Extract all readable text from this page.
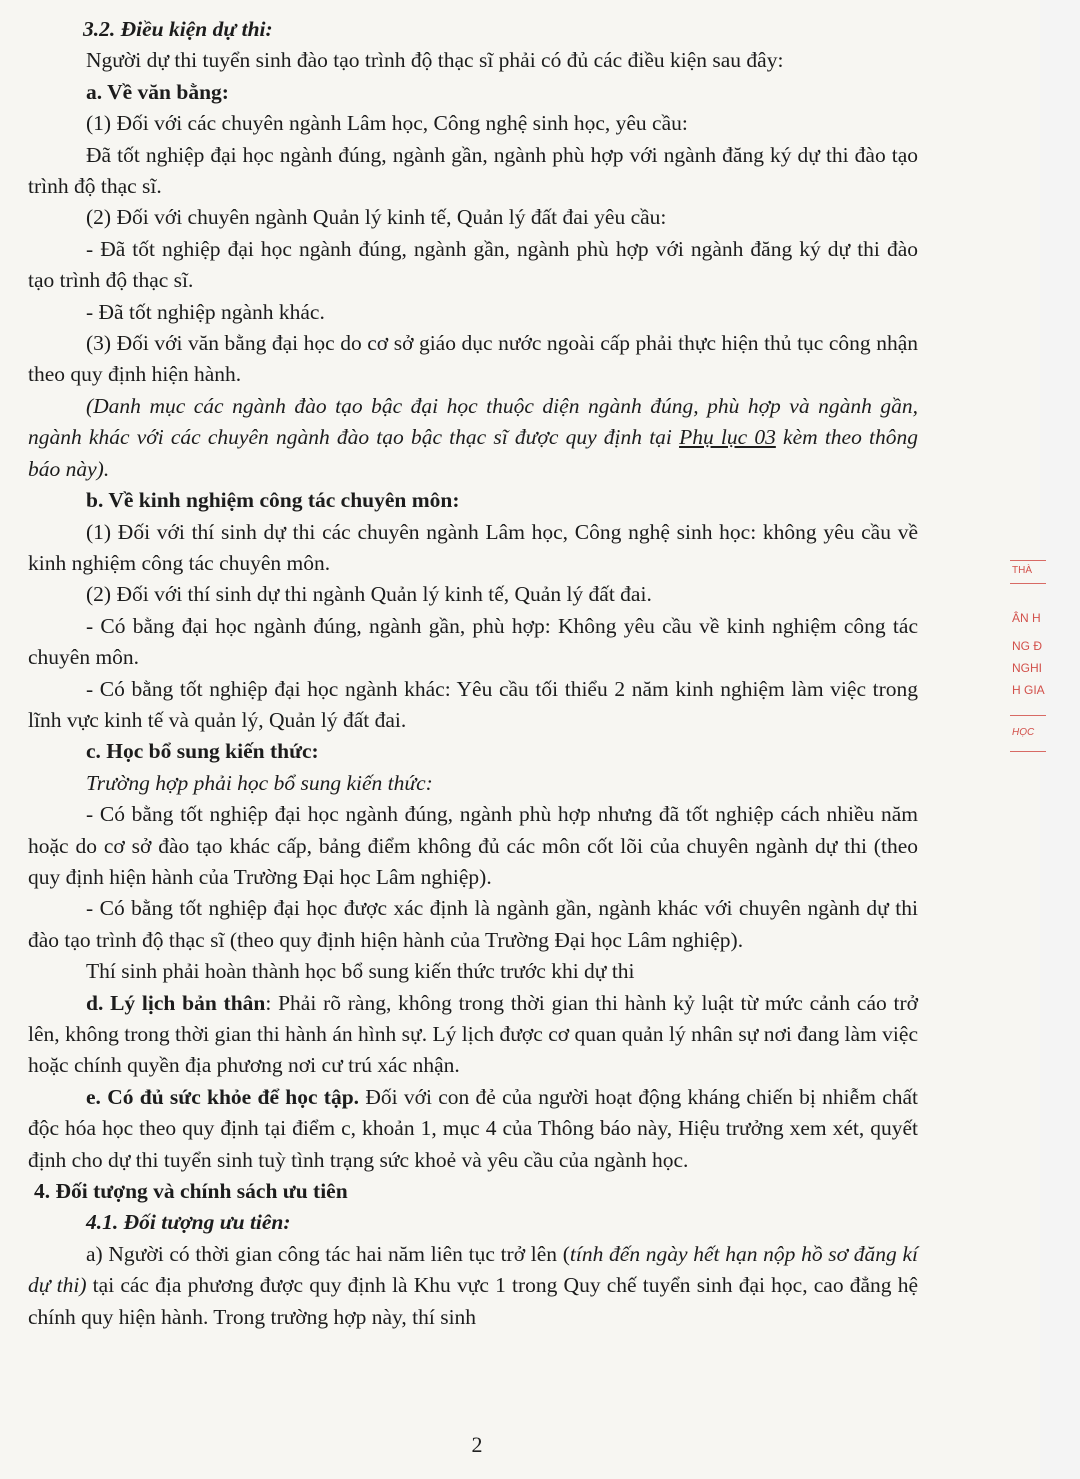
3.2. Điều kiện dự thi:

Người dự thi tuyển sinh đào tạo trình độ thạc sĩ phải có đủ các điều kiện sau đây:

a. Về văn bằng:

(1) Đối với các chuyên ngành Lâm học, Công nghệ sinh học, yêu cầu:

Đã tốt nghiệp đại học ngành đúng, ngành gần, ngành phù hợp với ngành đăng ký dự thi đào tạo trình độ thạc sĩ.

(2) Đối với chuyên ngành Quản lý kinh tế, Quản lý đất đai yêu cầu:

- Đã tốt nghiệp đại học ngành đúng, ngành gần, ngành phù hợp với ngành đăng ký dự thi đào tạo trình độ thạc sĩ.

- Đã tốt nghiệp ngành khác.

(3) Đối với văn bằng đại học do cơ sở giáo dục nước ngoài cấp phải thực hiện thủ tục công nhận theo quy định hiện hành.

(Danh mục các ngành đào tạo bậc đại học thuộc diện ngành đúng, phù hợp và ngành gần, ngành khác với các chuyên ngành đào tạo bậc thạc sĩ được quy định tại Phụ lục 03 kèm theo thông báo này).

b. Về kinh nghiệm công tác chuyên môn:

(1) Đối với thí sinh dự thi các chuyên ngành Lâm học, Công nghệ sinh học: không yêu cầu về kinh nghiệm công tác chuyên môn.

(2) Đối với thí sinh dự thi ngành Quản lý kinh tế, Quản lý đất đai.

- Có bằng đại học ngành đúng, ngành gần, phù hợp: Không yêu cầu về kinh nghiệm công tác chuyên môn.

- Có bằng tốt nghiệp đại học ngành khác: Yêu cầu tối thiểu 2 năm kinh nghiệm làm việc trong lĩnh vực kinh tế và quản lý, Quản lý đất đai.

c. Học bổ sung kiến thức:

Trường hợp phải học bổ sung kiến thức:

- Có bằng tốt nghiệp đại học ngành đúng, ngành phù hợp nhưng đã tốt nghiệp cách nhiều năm hoặc do cơ sở đào tạo khác cấp, bảng điểm không đủ các môn cốt lõi của chuyên ngành dự thi (theo quy định hiện hành của Trường Đại học Lâm nghiệp).

- Có bằng tốt nghiệp đại học được xác định là ngành gần, ngành khác với chuyên ngành dự thi đào tạo trình độ thạc sĩ (theo quy định hiện hành của Trường Đại học Lâm nghiệp).

Thí sinh phải hoàn thành học bổ sung kiến thức trước khi dự thi

d. Lý lịch bản thân: Phải rõ ràng, không trong thời gian thi hành kỷ luật từ mức cảnh cáo trở lên, không trong thời gian thi hành án hình sự. Lý lịch được cơ quan quản lý nhân sự nơi đang làm việc hoặc chính quyền địa phương nơi cư trú xác nhận.

e. Có đủ sức khỏe để học tập. Đối với con đẻ của người hoạt động kháng chiến bị nhiễm chất độc hóa học theo quy định tại điểm c, khoản 1, mục 4 của Thông báo này, Hiệu trưởng xem xét, quyết định cho dự thi tuyển sinh tuỳ tình trạng sức khoẻ và yêu cầu của ngành học.

4. Đối tượng và chính sách ưu tiên

4.1. Đối tượng ưu tiên:

a) Người có thời gian công tác hai năm liên tục trở lên (tính đến ngày hết hạn nộp hồ sơ đăng kí dự thi) tại các địa phương được quy định là Khu vực 1 trong Quy chế tuyển sinh đại học, cao đẳng hệ chính quy hiện hành. Trong trường hợp này, thí sinh

2
THÀ
ÂN H
NG Đ
NGHI
H GIA
HỌC
